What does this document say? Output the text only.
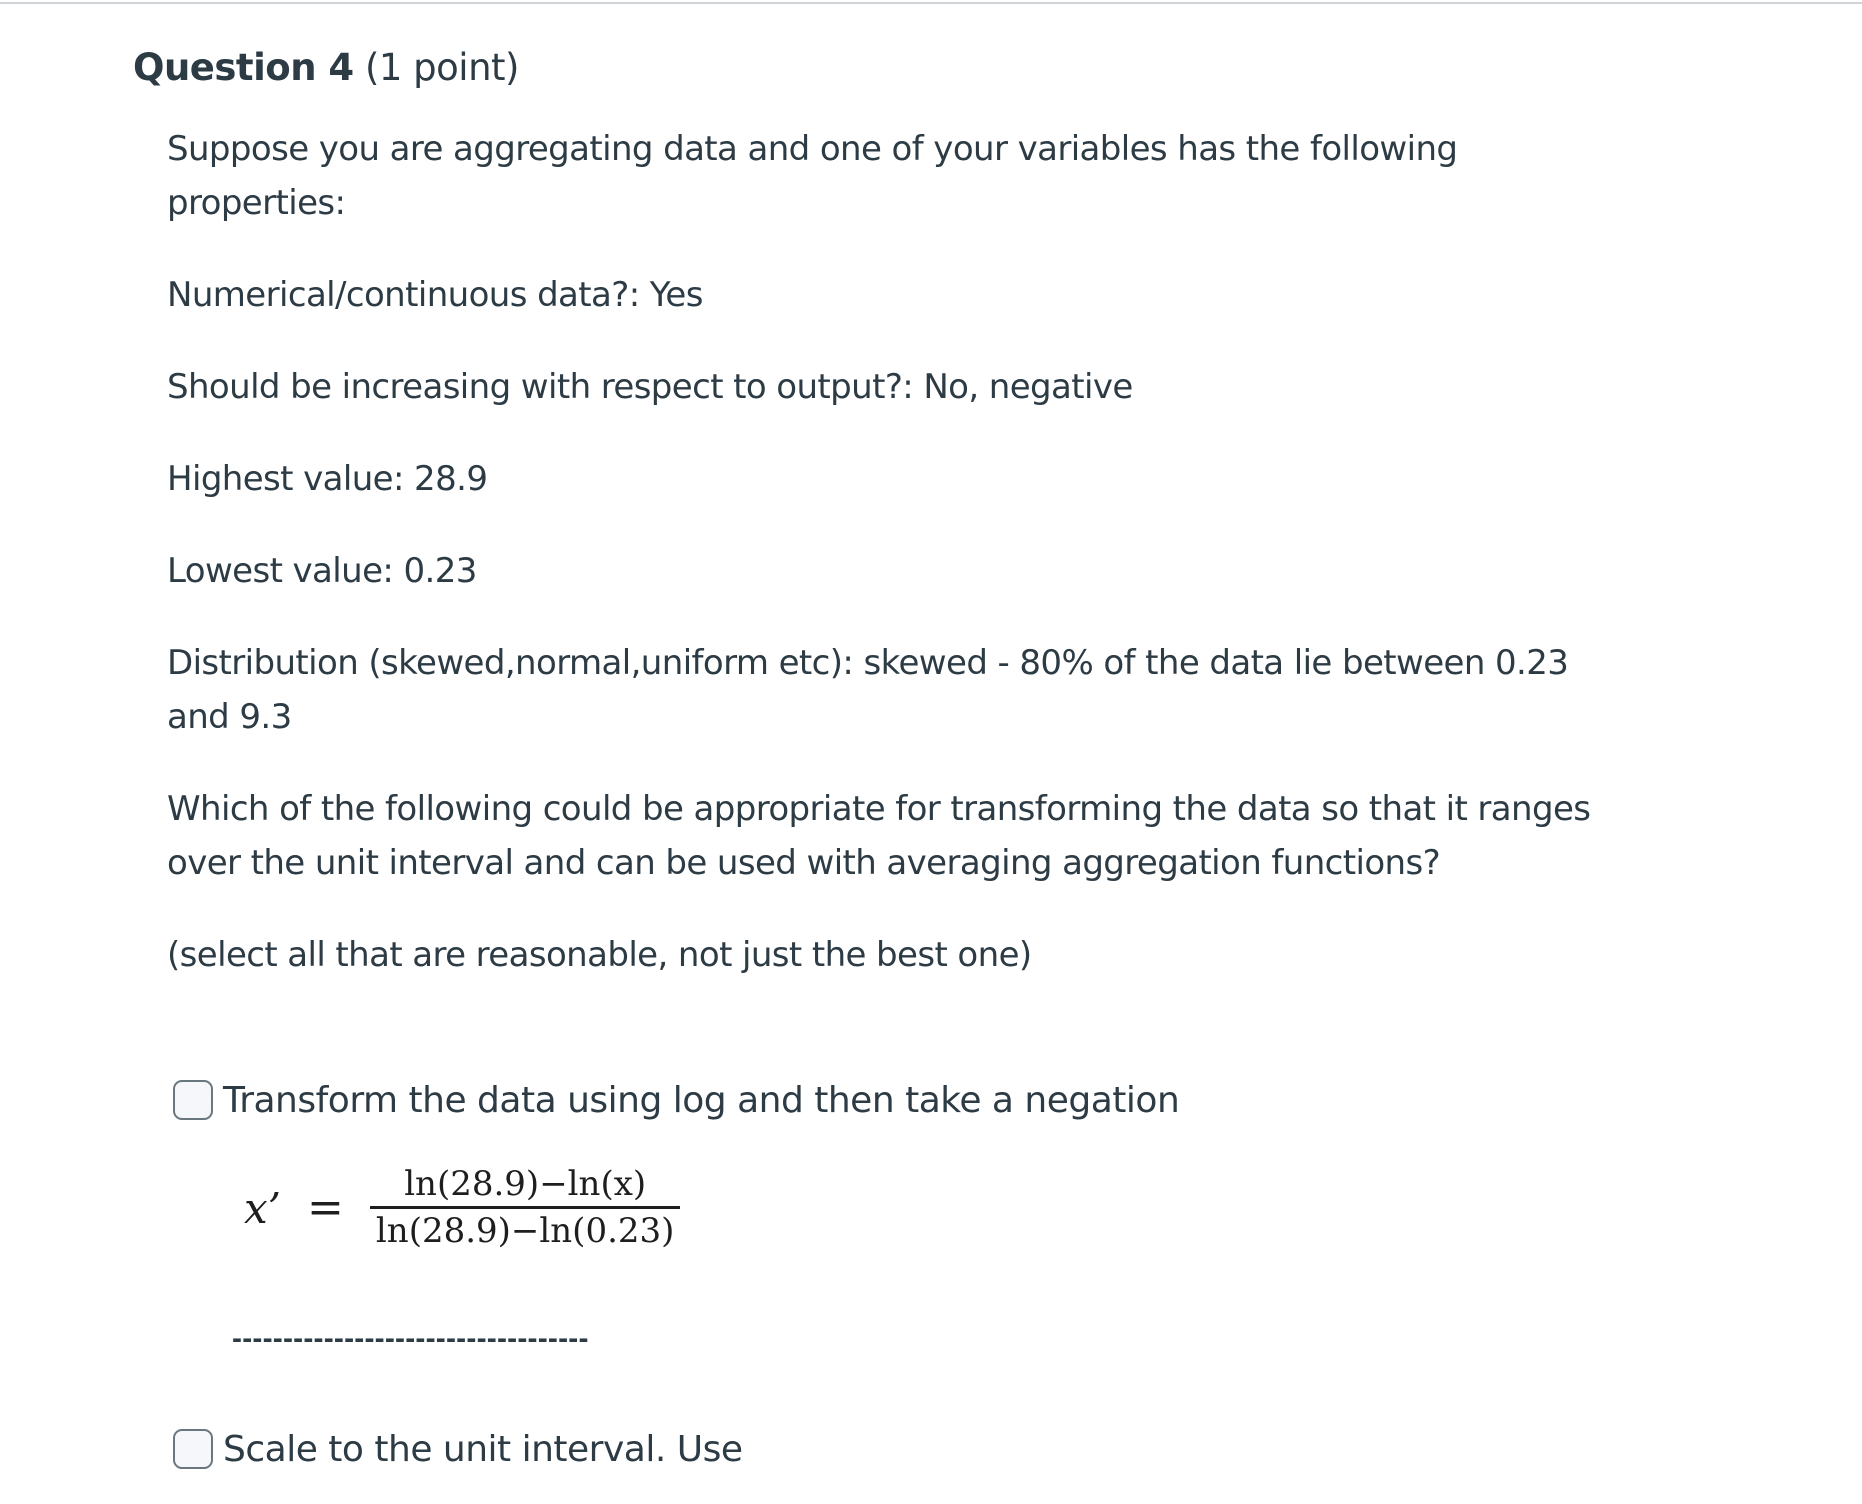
Question 4 (1 point)

Suppose you are aggregating data and one of your variables has the following properties:

Numerical/continuous data?: Yes

Should be increasing with respect to output?: No, negative

Highest value: 28.9

Lowest value: 0.23

Distribution (skewed,normal,uniform etc): skewed - 80% of the data lie between 0.23 and 9.3

Which of the following could be appropriate for transforming the data so that it ranges over the unit interval and can be used with averaging aggregation functions?

(select all that are reasonable, not just the best one)

Transform the data using log and then take a negation
x’ = $\frac{\ln(28.9)-\ln(x)}{\ln(28.9)-\ln(0.23)}$
-----------------------------------
Scale to the unit interval. Use
